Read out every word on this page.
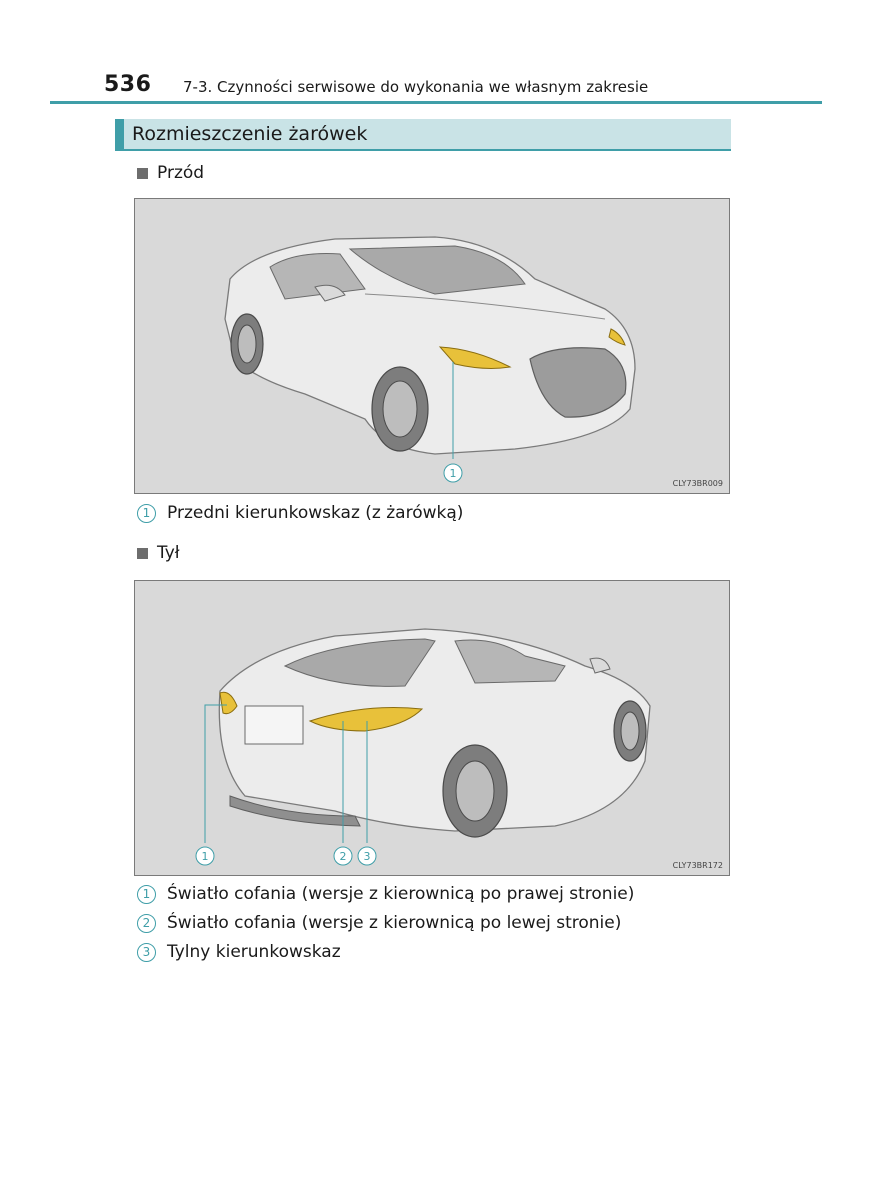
536 7-3. Czynności serwisowe do wykonania we własnym zakresie
Rozmieszczenie żarówek
Przód
1
CLY73BR009
1 Przedni kierunkowskaz (z żarówką)
Tył
1	2 3
CLY73BR172
1 Światło cofania (wersje z kierownicą po prawej stronie)
2 Światło cofania (wersje z kierownicą po lewej stronie)
3 Tylny kierunkowskaz
